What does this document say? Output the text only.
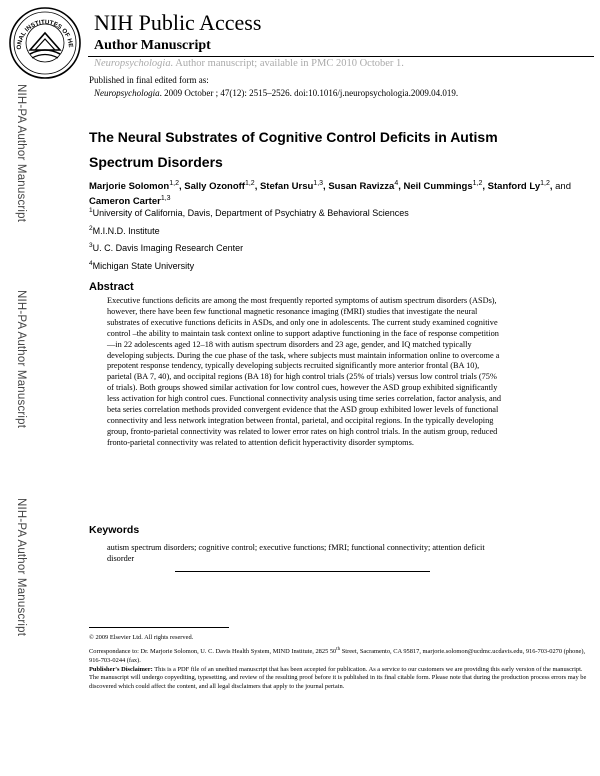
ONAL INSTITUTES OF HE
NIH Public Access
Author Manuscript
Neuropsychologia. Author manuscript; available in PMC 2010 October 1.
Published in final edited form as:
Neuropsychologia. 2009 October ; 47(12): 2515–2526. doi:10.1016/j.neuropsychologia.2009.04.019.
NIH-PA Author Manuscript
NIH-PA Author Manuscript
NIH-PA Author Manuscript
The Neural Substrates of Cognitive Control Deficits in Autism Spectrum Disorders
Marjorie Solomon$^{1,2}$, Sally Ozonoff$^{1,2}$, Stefan Ursu$^{1,3}$, Susan Ravizza$^4$, Neil Cummings$^{1,2}$, Stanford Ly$^{1,2}$, and Cameron Carter$^{1,3}$
$^1$University of California, Davis, Department of Psychiatry & Behavioral Sciences
$^2$M.I.N.D. Institute
$^3$U. C. Davis Imaging Research Center
$^4$Michigan State University
Abstract
Executive functions deficits are among the most frequently reported symptoms of autism spectrum disorders (ASDs), however, there have been few functional magnetic resonance imaging (fMRI) studies that investigate the neural substrates of executive functions deficits in ASDs, and only one in adolescents. The current study examined cognitive control –the ability to maintain task context online to support adaptive functioning in the face of response competition—in 22 adolescents aged 12–18 with autism spectrum disorders and 23 age, gender, and IQ matched typically developing subjects. During the cue phase of the task, where subjects must maintain information online to overcome a prepotent response tendency, typically developing subjects recruited significantly more anterior frontal (BA 10), parietal (BA 7, 40), and occipital regions (BA 18) for high control trials (25% of trials) versus low control trials (75% of trials). Both groups showed similar activation for low control cues, however the ASD group exhibited significantly less activation for high control cues. Functional connectivity analysis using time series correlation, factor analysis, and beta series correlation methods provided convergent evidence that the ASD group exhibited lower levels of functional connectivity and less network integration between frontal, parietal, and occipital regions. In the typically developing group, fronto-parietal connectivity was related to lower error rates on high control trials. In the autism group, reduced fronto-parietal connectivity was related to attention deficit hyperactivity disorder symptoms.
Keywords
autism spectrum disorders; cognitive control; executive functions; fMRI; functional connectivity; attention deficit disorder
© 2009 Elsevier Ltd. All rights reserved.
Correspondance to: Dr. Marjorie Solomon, U. C. Davis Health System, MIND Institute, 2825 50th Street, Sacramento, CA 95817, marjorie.solomon@ucdmc.ucdavis.edu, 916-703-0270 (phone), 916-703-0244 (fax).
Publisher's Disclaimer: This is a PDF file of an unedited manuscript that has been accepted for publication. As a service to our customers we are providing this early version of the manuscript. The manuscript will undergo copyediting, typesetting, and review of the resulting proof before it is published in its final citable form. Please note that during the production process errors may be discovered which could affect the content, and all legal disclaimers that apply to the journal pertain.
